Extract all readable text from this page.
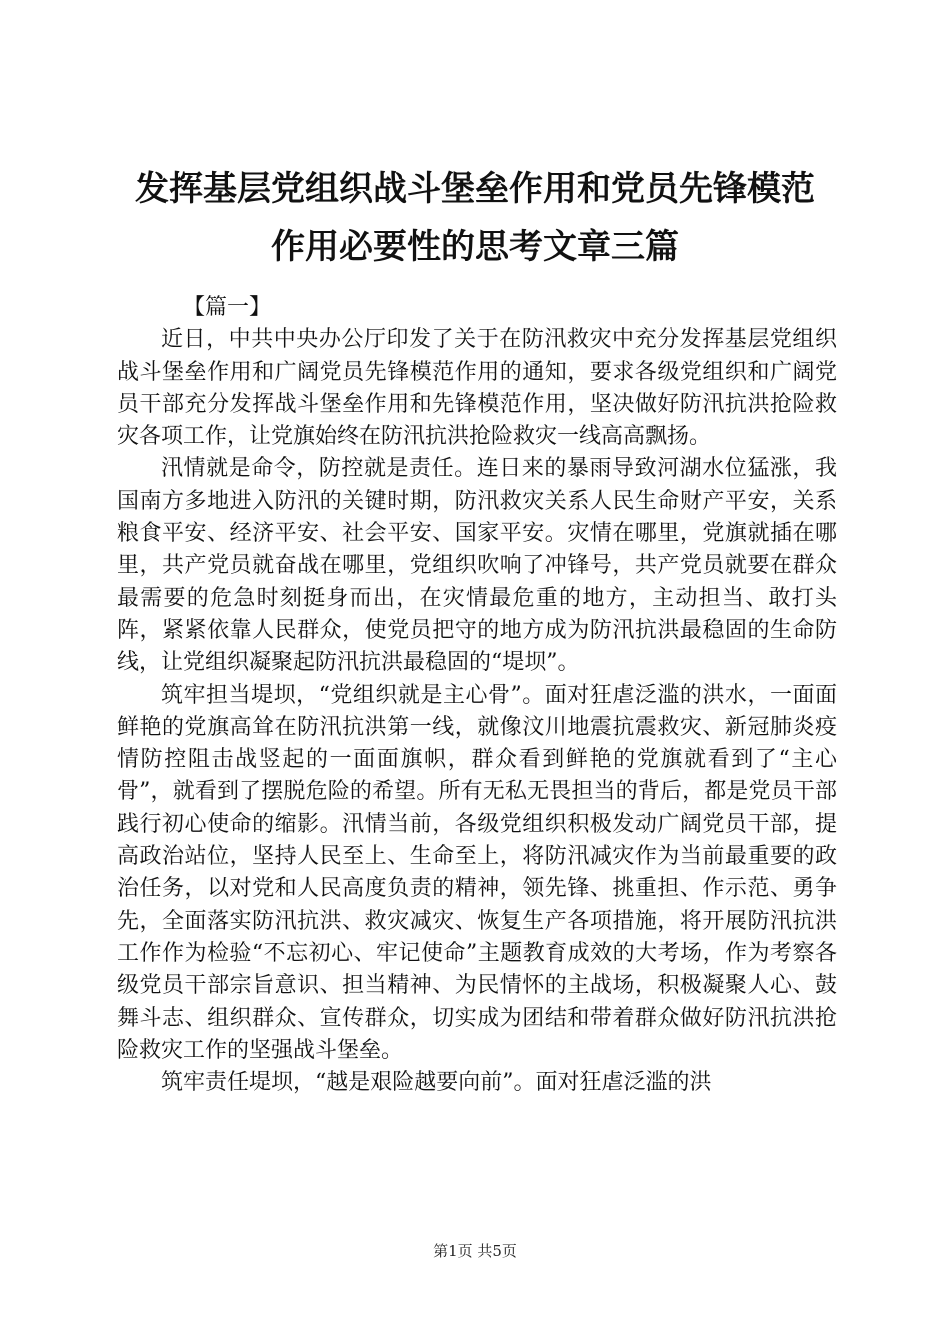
发挥基层党组织战斗堡垒作用和党员先锋模范
作用必要性的思考文章三篇
【篇一】

近日，中共中央办公厅印发了关于在防汛救灾中充分发挥基层党组织战斗堡垒作用和广阔党员先锋模范作用的通知，要求各级党组织和广阔党员干部充分发挥战斗堡垒作用和先锋模范作用，坚决做好防汛抗洪抢险救灾各项工作，让党旗始终在防汛抗洪抢险救灾一线高高飘扬。

汛情就是命令，防控就是责任。连日来的暴雨导致河湖水位猛涨，我国南方多地进入防汛的关键时期，防汛救灾关系人民生命财产平安，关系粮食平安、经济平安、社会平安、国家平安。灾情在哪里，党旗就插在哪里，共产党员就奋战在哪里，党组织吹响了冲锋号，共产党员就要在群众最需要的危急时刻挺身而出，在灾情最危重的地方，主动担当、敢打头阵，紧紧依靠人民群众，使党员把守的地方成为防汛抗洪最稳固的生命防线，让党组织凝聚起防汛抗洪最稳固的“堤坝”。

筑牢担当堤坝，“党组织就是主心骨”。面对狂虐泛滥的洪水，一面面鲜艳的党旗高耸在防汛抗洪第一线，就像汶川地震抗震救灾、新冠肺炎疫情防控阻击战竖起的一面面旗帜，群众看到鲜艳的党旗就看到了“主心骨”，就看到了摆脱危险的希望。所有无私无畏担当的背后，都是党员干部践行初心使命的缩影。汛情当前，各级党组织积极发动广阔党员干部，提高政治站位，坚持人民至上、生命至上，将防汛减灾作为当前最重要的政治任务，以对党和人民高度负责的精神，领先锋、挑重担、作示范、勇争先，全面落实防汛抗洪、救灾减灾、恢复生产各项措施，将开展防汛抗洪工作作为检验“不忘初心、牢记使命”主题教育成效的大考场，作为考察各级党员干部宗旨意识、担当精神、为民情怀的主战场，积极凝聚人心、鼓舞斗志、组织群众、宣传群众，切实成为团结和带着群众做好防汛抗洪抢险救灾工作的坚强战斗堡垒。

筑牢责任堤坝，“越是艰险越要向前”。面对狂虐泛滥的洪

第1页 共5页
